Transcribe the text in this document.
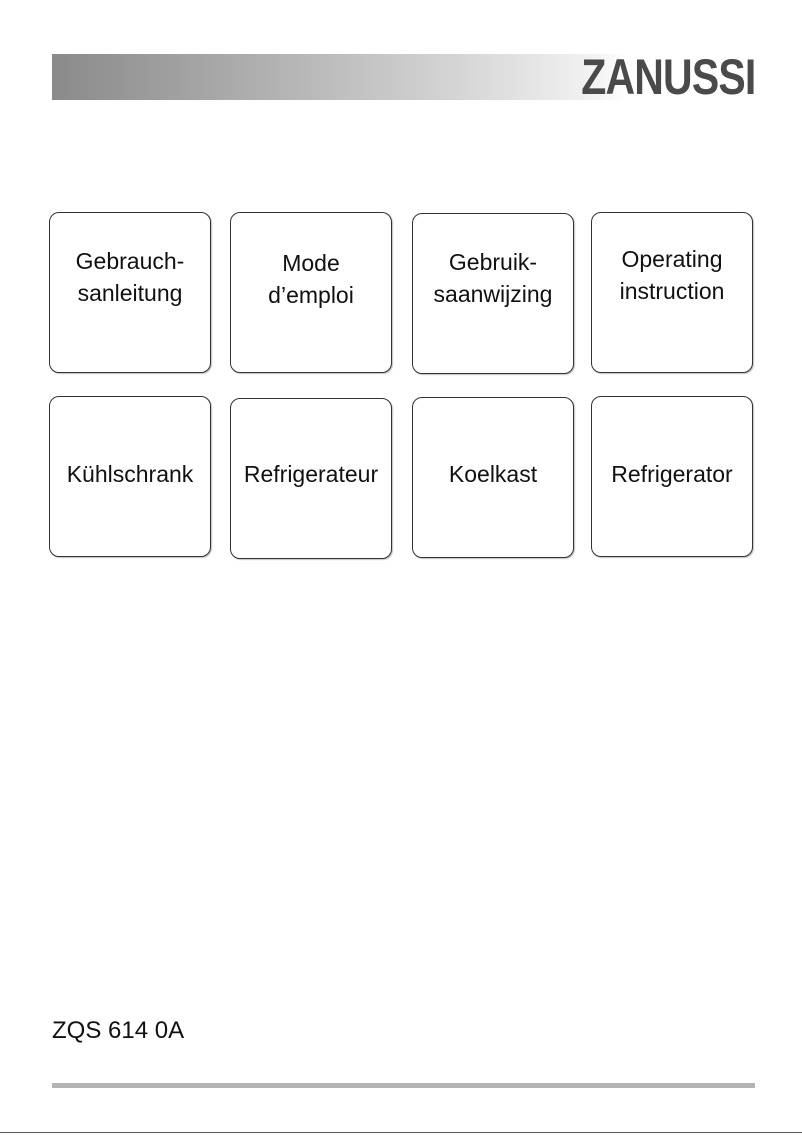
ZANUSSI
Gebrauch-
sanleitung
Mode
d’emploi
Gebruik-
saanwijzing
Operating
instruction
Kühlschrank Refrigerateur	Koelkast	Refrigerator
ZQS 614 0A
